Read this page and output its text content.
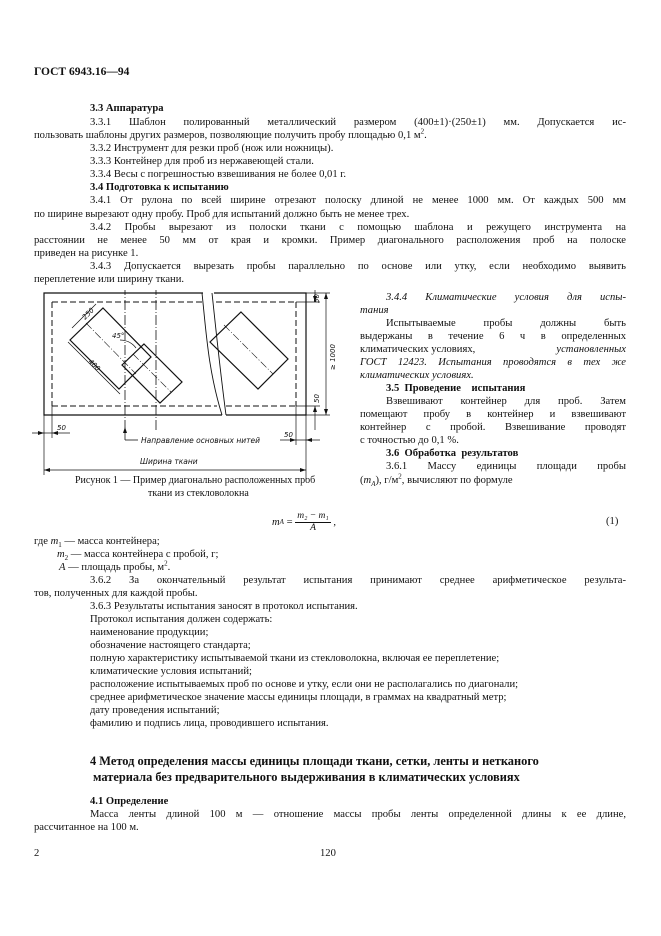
ГОСТ 6943.16—94
3.3 Аппаратура
3.3.1 Шаблон полированный металлический размером (400±1)·(250±1) мм. Допускается ис-
пользовать шаблоны других размеров, позволяющие получить пробу площадью 0,1 $м^2$.
3.3.2 Инструмент для резки проб (нож или ножницы).
3.3.3 Контейнер для проб из нержавеющей стали.
3.3.4 Весы с погрешностью взвешивания не более 0,01 г.
3.4 Подготовка к испытанию
3.4.1 От рулона по всей ширине отрезают полоску длиной не менее 1000 мм. От каждых 500 мм
по ширине вырезают одну пробу. Проб для испытаний должно быть не менее трех.
3.4.2 Пробы вырезают из полоски ткани с помощью шаблона и режущего инструмента на
расстоянии не менее 50 мм от края и кромки. Пример диагонального расположения проб на полоске
приведен на рисунке 1.
3.4.3 Допускается вырезать пробы параллельно по основе или утку, если необходимо выявить
переплетение или ширину ткани.
250
400
45°
50
≥ 1000
50
50
50
Направление основных нитей
Ширина ткани
Рисунок 1 — Пример диагонально расположенных проб
ткани из стекловолокна
3.4.4 Климатические условия для испы-
тания
Испытываемые пробы должны быть
выдержаны в течение 6 ч в определенных
климатических условиях,	установленных
ГОСТ 12423. Испытания проводятся в тех же
климатических условиях.
3.5  Проведение    испытания
Взвешивают контейнер для проб. Затем
помещают пробу в контейнер и взвешивают
контейнер с пробой. Взвешивание проводят
с точностью до 0,1 %.
3.6  Обработка  результатов
3.6.1 Массу единицы площади пробы
$(m_A)$, $г/м^2$, вычисляют по формуле
m $A = \frac{\text{m₂ − m₁}}{A}$ ,	(1)
где $m_1$ — масса контейнера;
$m_2$ — масса контейнера с пробой, г;
A — площадь пробы, $м^2$.
3.6.2 За окончательный результат испытания принимают среднее арифметическое результа-
тов, полученных для каждой пробы.
3.6.3 Результаты испытания заносят в протокол испытания.
Протокол испытания должен содержать:
наименование продукции;
обозначение настоящего стандарта;
полную характеристику испытываемой ткани из стекловолокна, включая ее переплетение;
климатические условия испытаний;
расположение испытываемых проб по основе и утку, если они не располагались по диагонали;
среднее арифметическое значение массы единицы площади, в граммах на квадратный метр;
дату проведения испытаний;
фамилию и подпись лица, проводившего испытания.
4 Метод определения массы единицы площади ткани, сетки, ленты и нетканого
материала без предварительного выдерживания в климатических условиях
4.1 Определение
Масса ленты длиной 100 м — отношение массы пробы ленты определенной длины к ее длине,
рассчитанное на 100 м.
2	120
